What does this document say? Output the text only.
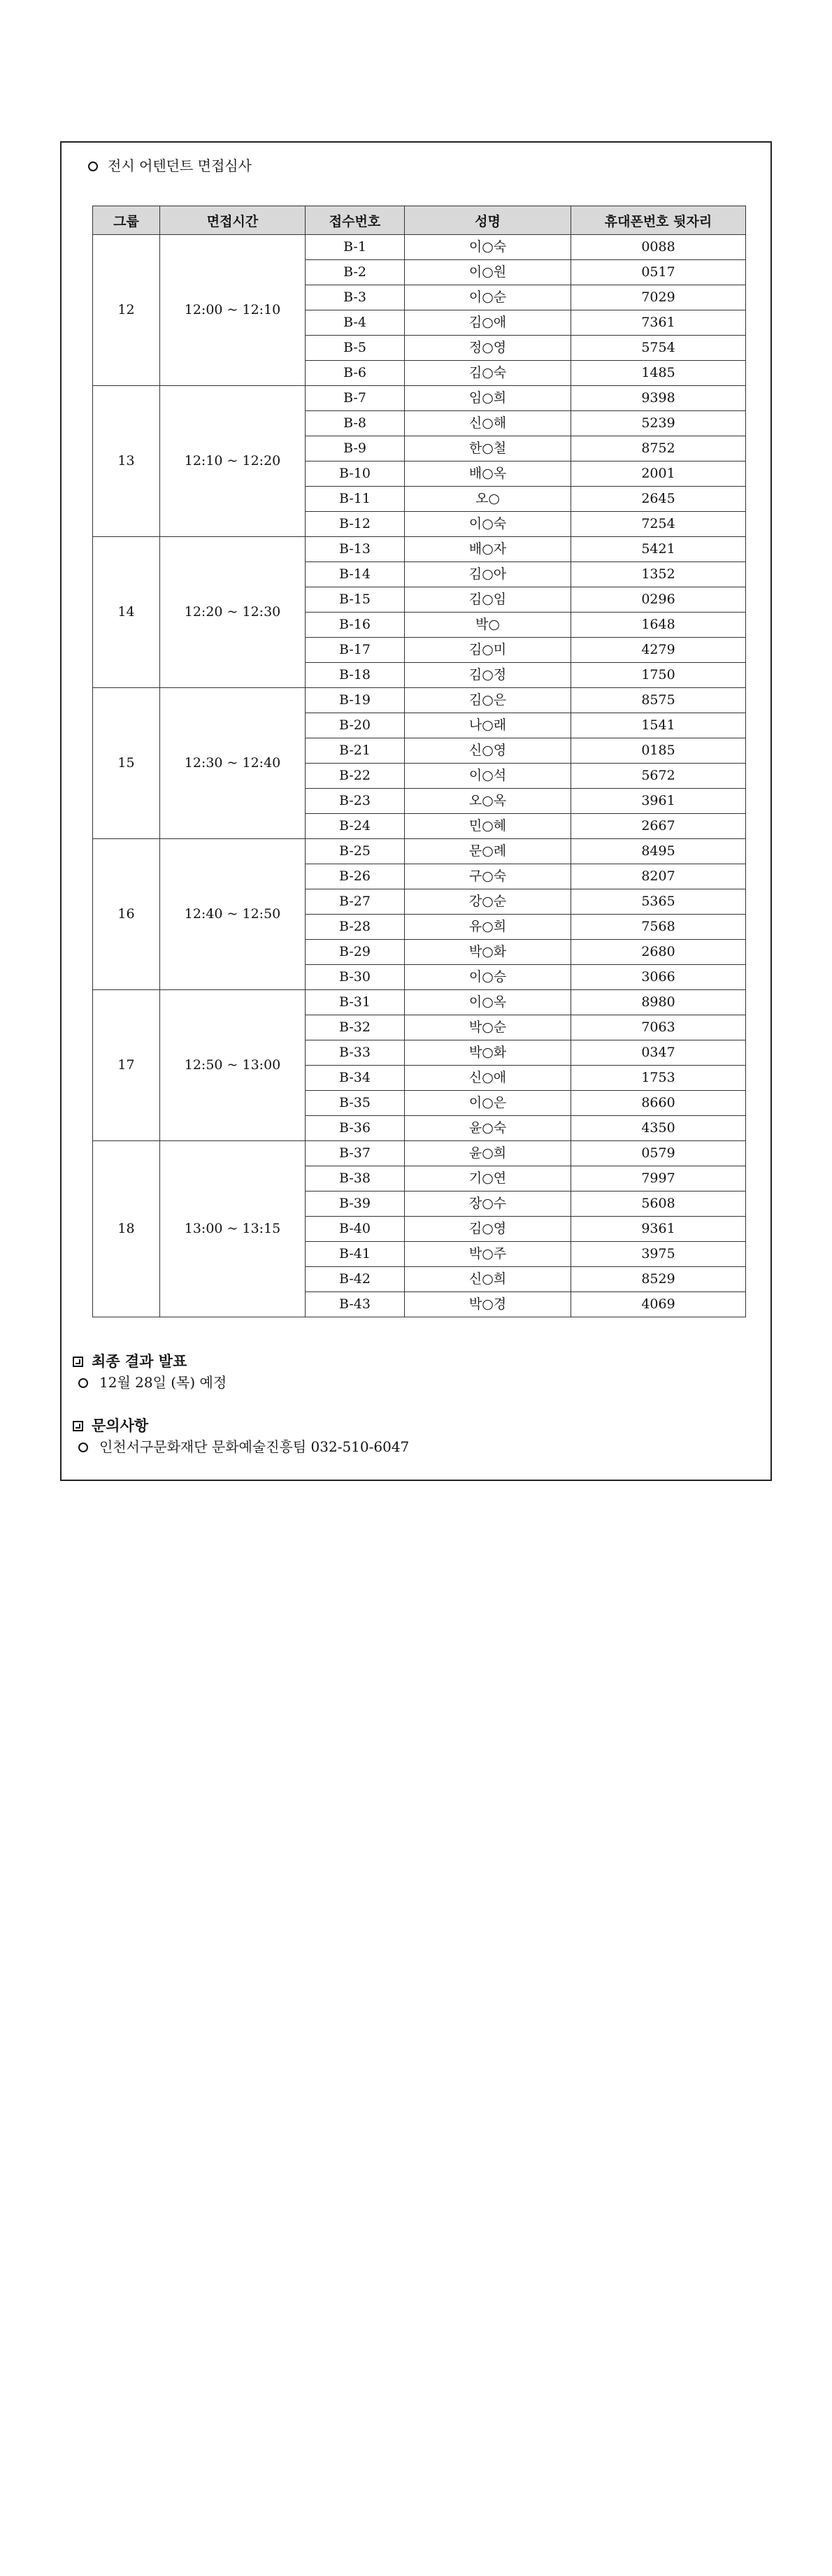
전시 어텐던트 면접심사
그룹	면접시간	접수번호	성명	휴대폰번호 뒷자리
12	12:00 ~ 12:10	B-1	이○숙	0088
		B-2	이○원	0517
		B-3	이○순	7029
		B-4	김○애	7361
		B-5	정○영	5754
		B-6	김○숙	1485
13	12:10 ~ 12:20	B-7	임○희	9398
		B-8	신○해	5239
		B-9	한○철	8752
		B-10	배○옥	2001
		B-11	오○	2645
		B-12	이○숙	7254
14	12:20 ~ 12:30	B-13	배○자	5421
		B-14	김○아	1352
		B-15	김○임	0296
		B-16	박○	1648
		B-17	김○미	4279
		B-18	김○정	1750
15	12:30 ~ 12:40	B-19	김○은	8575
		B-20	나○래	1541
		B-21	신○영	0185
		B-22	이○석	5672
		B-23	오○옥	3961
		B-24	민○혜	2667
16	12:40 ~ 12:50	B-25	문○례	8495
		B-26	구○숙	8207
		B-27	강○순	5365
		B-28	유○희	7568
		B-29	박○화	2680
		B-30	이○승	3066
17	12:50 ~ 13:00	B-31	이○옥	8980
		B-32	박○순	7063
		B-33	박○화	0347
		B-34	신○애	1753
		B-35	이○은	8660
		B-36	윤○숙	4350
18	13:00 ~ 13:15	B-37	윤○희	0579
		B-38	기○연	7997
		B-39	장○수	5608
		B-40	김○영	9361
		B-41	박○주	3975
		B-42	신○희	8529
		B-43	박○경	4069
최종 결과 발표
12월 28일 (목) 예정
문의사항
인천서구문화재단 문화예술진흥팀 032-510-6047
